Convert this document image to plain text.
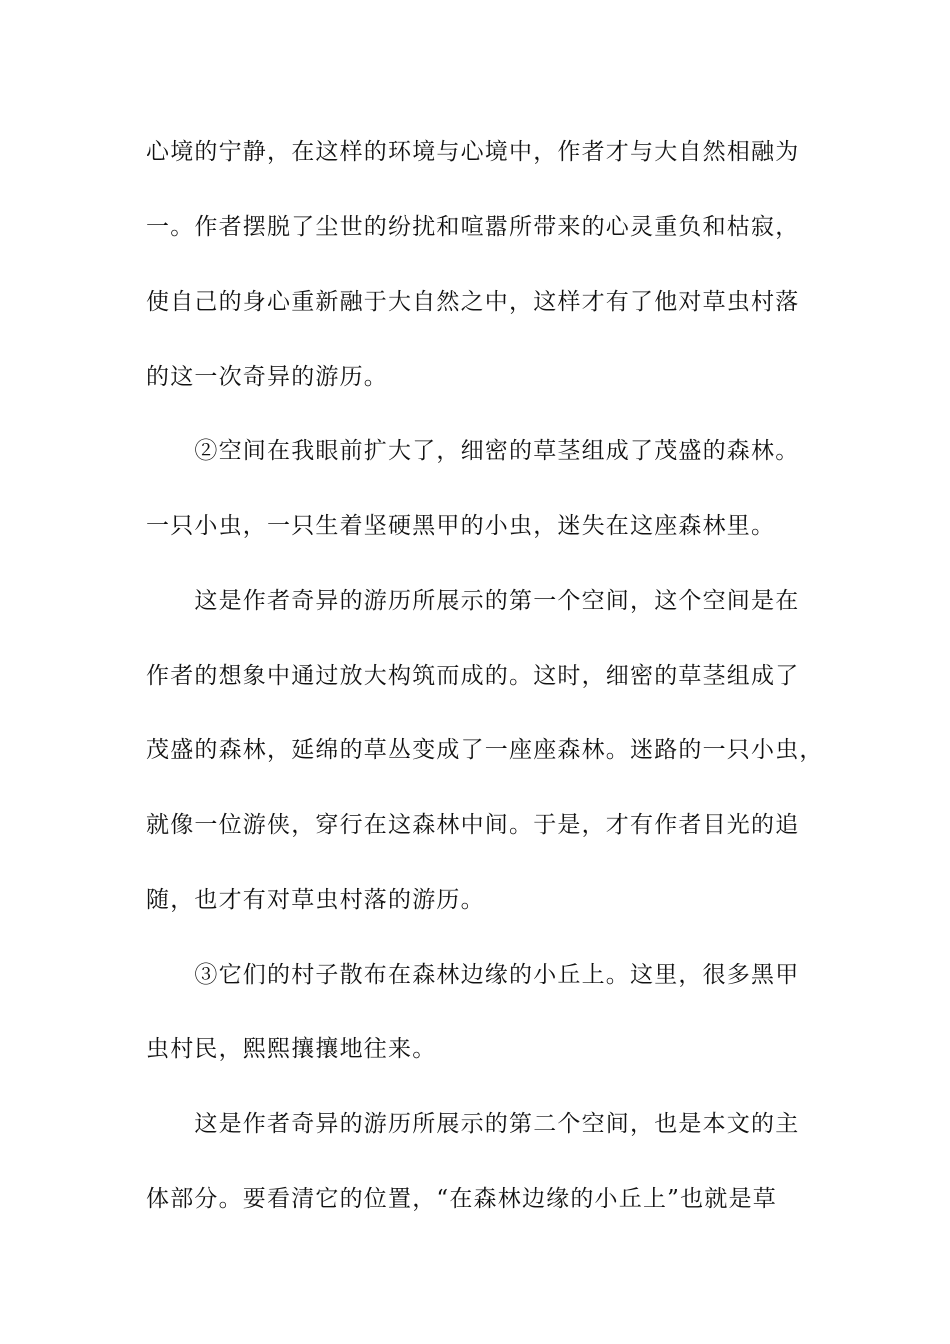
心境的宁静，在这样的环境与心境中，作者才与大自然相融为
一。作者摆脱了尘世的纷扰和喧嚣所带来的心灵重负和枯寂，
使自己的身心重新融于大自然之中，这样才有了他对草虫村落
的这一次奇异的游历。
　　②空间在我眼前扩大了，细密的草茎组成了茂盛的森林。
一只小虫，一只生着坚硬黑甲的小虫，迷失在这座森林里。
　　这是作者奇异的游历所展示的第一个空间，这个空间是在
作者的想象中通过放大构筑而成的。这时，细密的草茎组成了
茂盛的森林，延绵的草丛变成了一座座森林。迷路的一只小虫，
就像一位游侠，穿行在这森林中间。于是，才有作者目光的追
随，也才有对草虫村落的游历。
　　③它们的村子散布在森林边缘的小丘上。这里，很多黑甲
虫村民，熙熙攘攘地往来。
　　这是作者奇异的游历所展示的第二个空间，也是本文的主
体部分。要看清它的位置，“在森林边缘的小丘上”也就是草
